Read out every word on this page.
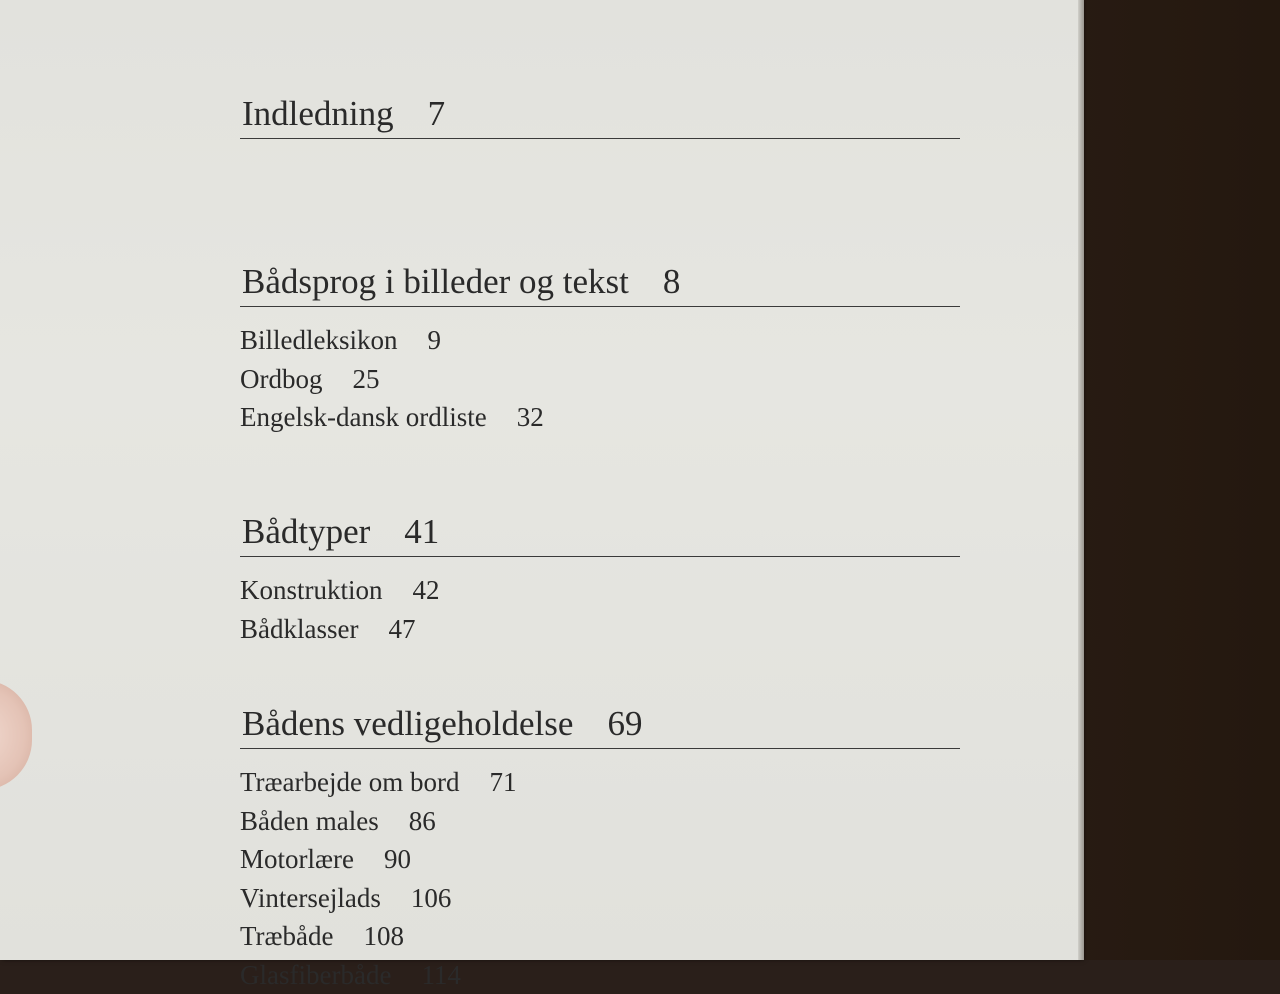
Indledning 7
Bådsprog i billeder og tekst 8
Billedleksikon 9
Ordbog 25
Engelsk-dansk ordliste 32
Bådtyper 41
Konstruktion 42
Bådklasser 47
Bådens vedligeholdelse 69
Træarbejde om bord 71
Båden males 86
Motorlære 90
Vintersejlads 106
Træbåde 108
Glasfiberbåde 114
